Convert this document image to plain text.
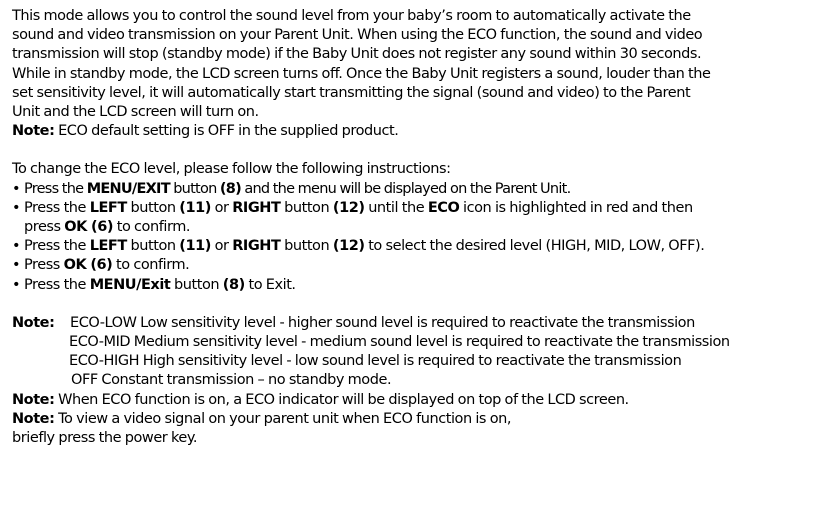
This mode allows you to control the sound level from your baby’s room to automatically activate the

sound and video transmission on your Parent Unit. When using the ECO function, the sound and video

transmission will stop (standby mode) if the Baby Unit does not register any sound within 30 seconds.

While in standby mode, the LCD screen turns off. Once the Baby Unit registers a sound, louder than the

set sensitivity level, it will automatically start transmitting the signal (sound and video) to the Parent

Unit and the LCD screen will turn on.

Note: ECO default setting is OFF in the supplied product.

To change the ECO level, please follow the following instructions:

• Press the MENU/EXIT button (8) and the menu will be displayed on the Parent Unit.
• Press the LEFT button (11) or RIGHT button (12) until the ECO icon is highlighted in red and then
press OK (6) to confirm.
• Press the LEFT button (11) or RIGHT button (12) to select the desired level (HIGH, MID, LOW, OFF).
• Press OK (6) to confirm.
• Press the MENU/Exit button (8) to Exit.
Note:	ECO-LOW Low sensitivity level - higher sound level is required to reactivate the transmission

ECO-MID Medium sensitivity level - medium sound level is required to reactivate the transmission

ECO-HIGH High sensitivity level - low sound level is required to reactivate the transmission

OFF Constant transmission – no standby mode.

Note: When ECO function is on, a ECO indicator will be displayed on top of the LCD screen.

Note: To view a video signal on your parent unit when ECO function is on,

briefly press the power key.
